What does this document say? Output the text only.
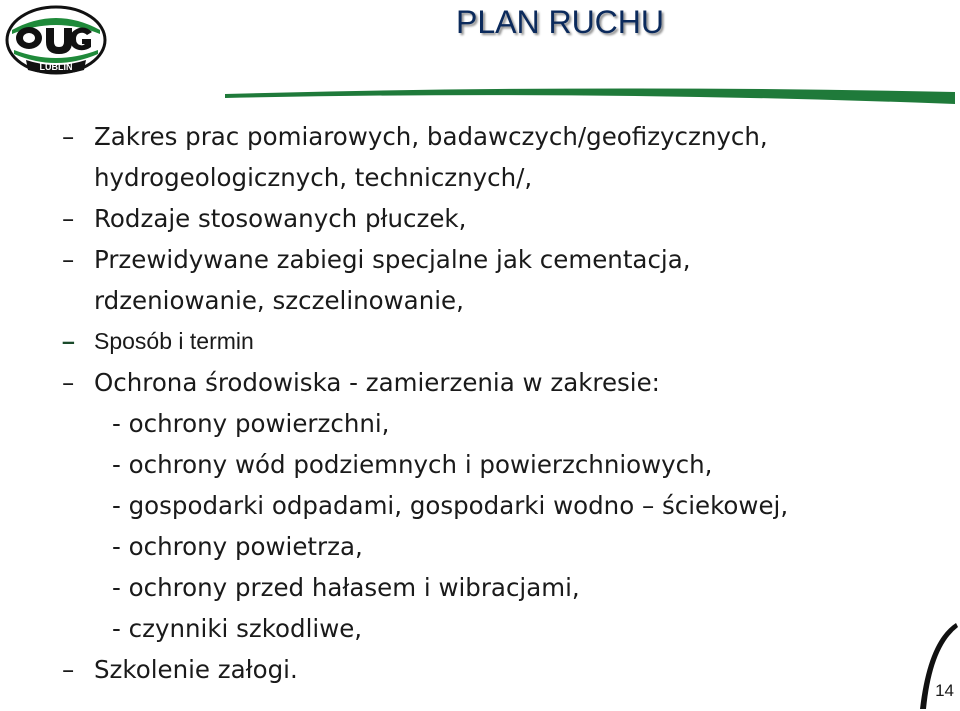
LUBLIN
PLAN RUCHU
– Zakres prac pomiarowych, badawczych/geofizycznych,
hydrogeologicznych, technicznych/,
– Rodzaje stosowanych płuczek,
– Przewidywane zabiegi specjalne jak cementacja,
rdzeniowanie, szczelinowanie,
– Sposób i termin
– Ochrona środowiska - zamierzenia w zakresie:
- ochrony powierzchni,
- ochrony wód podziemnych i powierzchniowych,
- gospodarki odpadami, gospodarki wodno – ściekowej,
- ochrony powietrza,
- ochrony przed hałasem i wibracjami,
- czynniki szkodliwe,
– Szkolenie załogi.
14
